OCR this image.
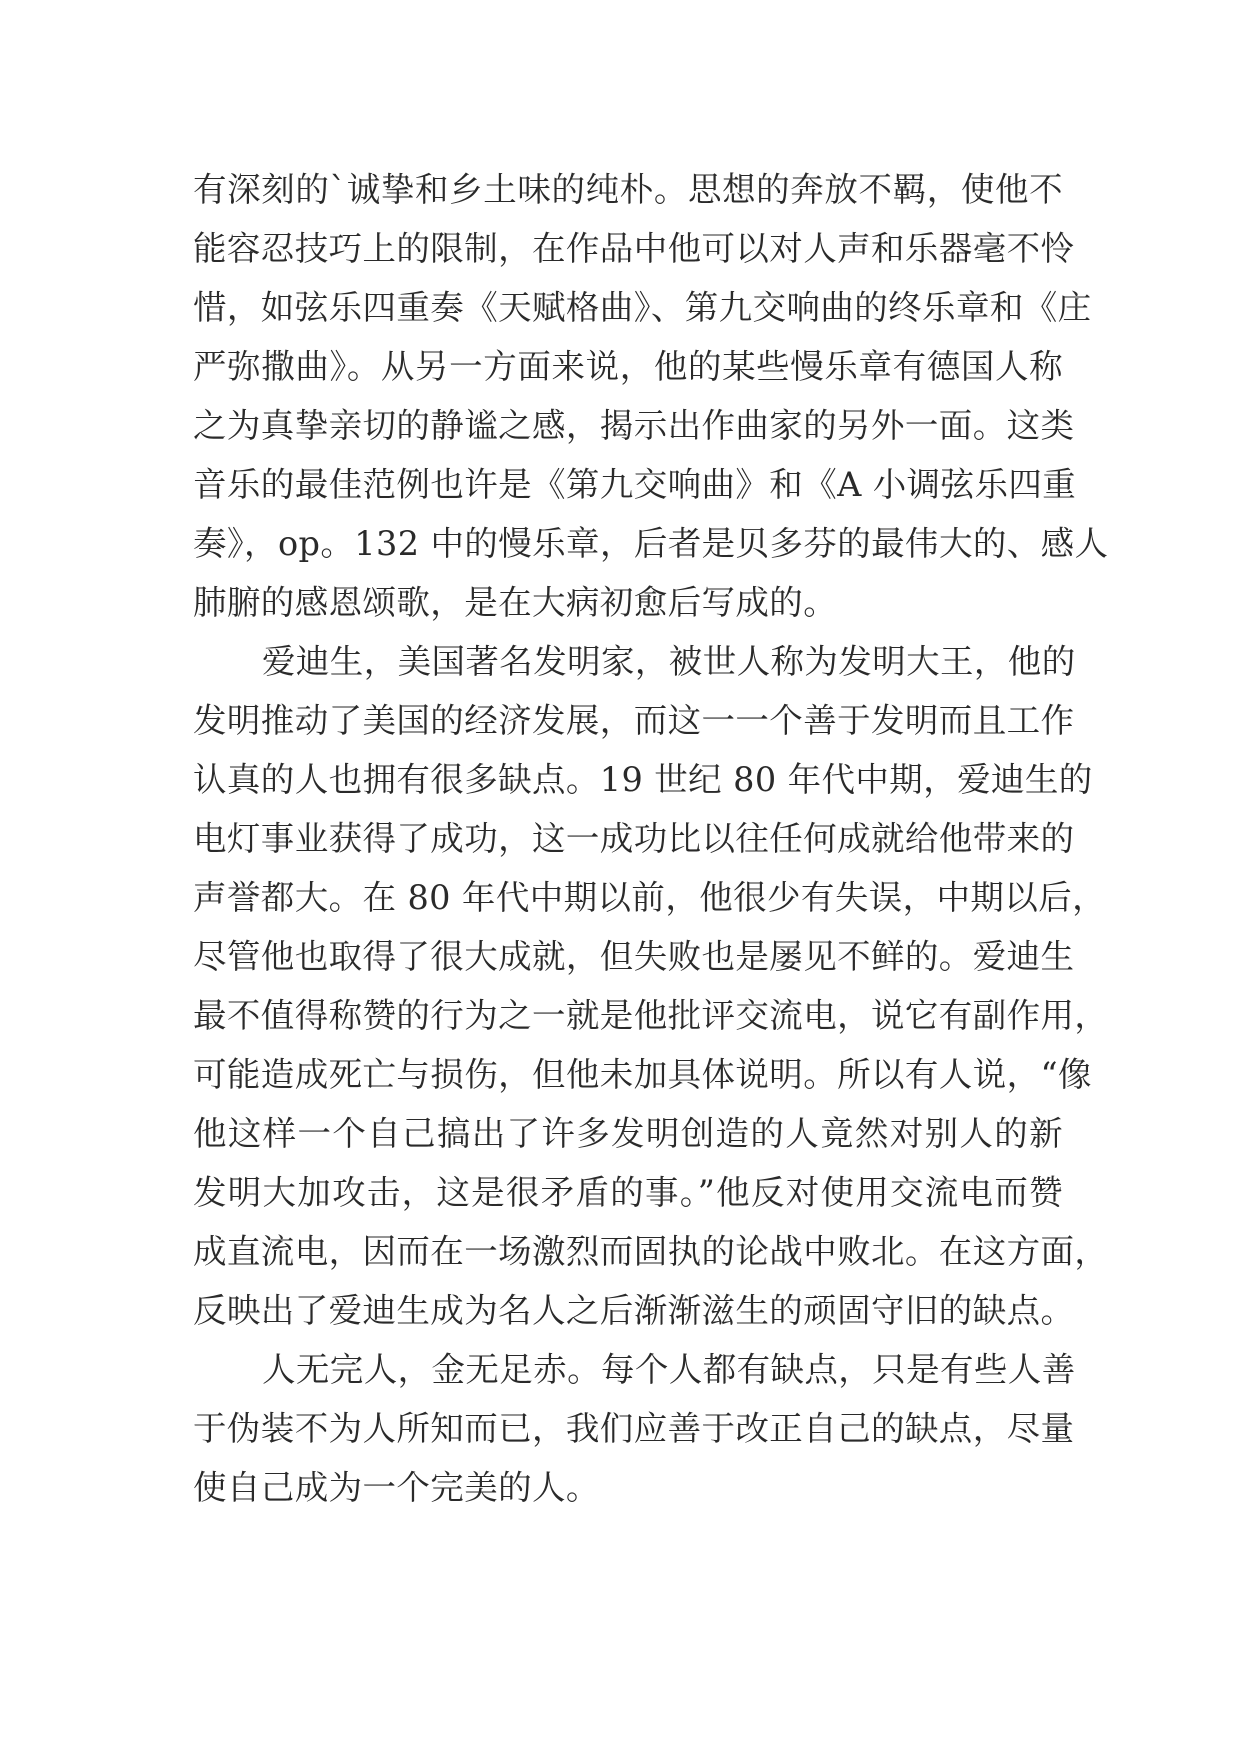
有深刻的`诚挚和乡土味的纯朴。思想的奔放不羁，使他不
能容忍技巧上的限制，在作品中他可以对人声和乐器毫不怜
惜，如弦乐四重奏《天赋格曲》、第九交响曲的终乐章和《庄
严弥撒曲》。从另一方面来说，他的某些慢乐章有德国人称
之为真挚亲切的静谧之感，揭示出作曲家的另外一面。这类
音乐的最佳范例也许是《第九交响曲》和《A 小调弦乐四重
奏》，op。132 中的慢乐章，后者是贝多芬的最伟大的、感人
肺腑的感恩颂歌，是在大病初愈后写成的。
爱迪生，美国著名发明家，被世人称为发明大王，他的
发明推动了美国的经济发展，而这一一个善于发明而且工作
认真的人也拥有很多缺点。19 世纪 80 年代中期，爱迪生的
电灯事业获得了成功，这一成功比以往任何成就给他带来的
声誉都大。在 80 年代中期以前，他很少有失误，中期以后，
尽管他也取得了很大成就，但失败也是屡见不鲜的。爱迪生
最不值得称赞的行为之一就是他批评交流电，说它有副作用，
可能造成死亡与损伤，但他未加具体说明。所以有人说，“像
他这样一个自己搞出了许多发明创造的人竟然对别人的新
发明大加攻击，这是很矛盾的事。”他反对使用交流电而赞
成直流电，因而在一场激烈而固执的论战中败北。在这方面，
反映出了爱迪生成为名人之后渐渐滋生的顽固守旧的缺点。
人无完人，金无足赤。每个人都有缺点，只是有些人善
于伪装不为人所知而已，我们应善于改正自己的缺点，尽量
使自己成为一个完美的人。
